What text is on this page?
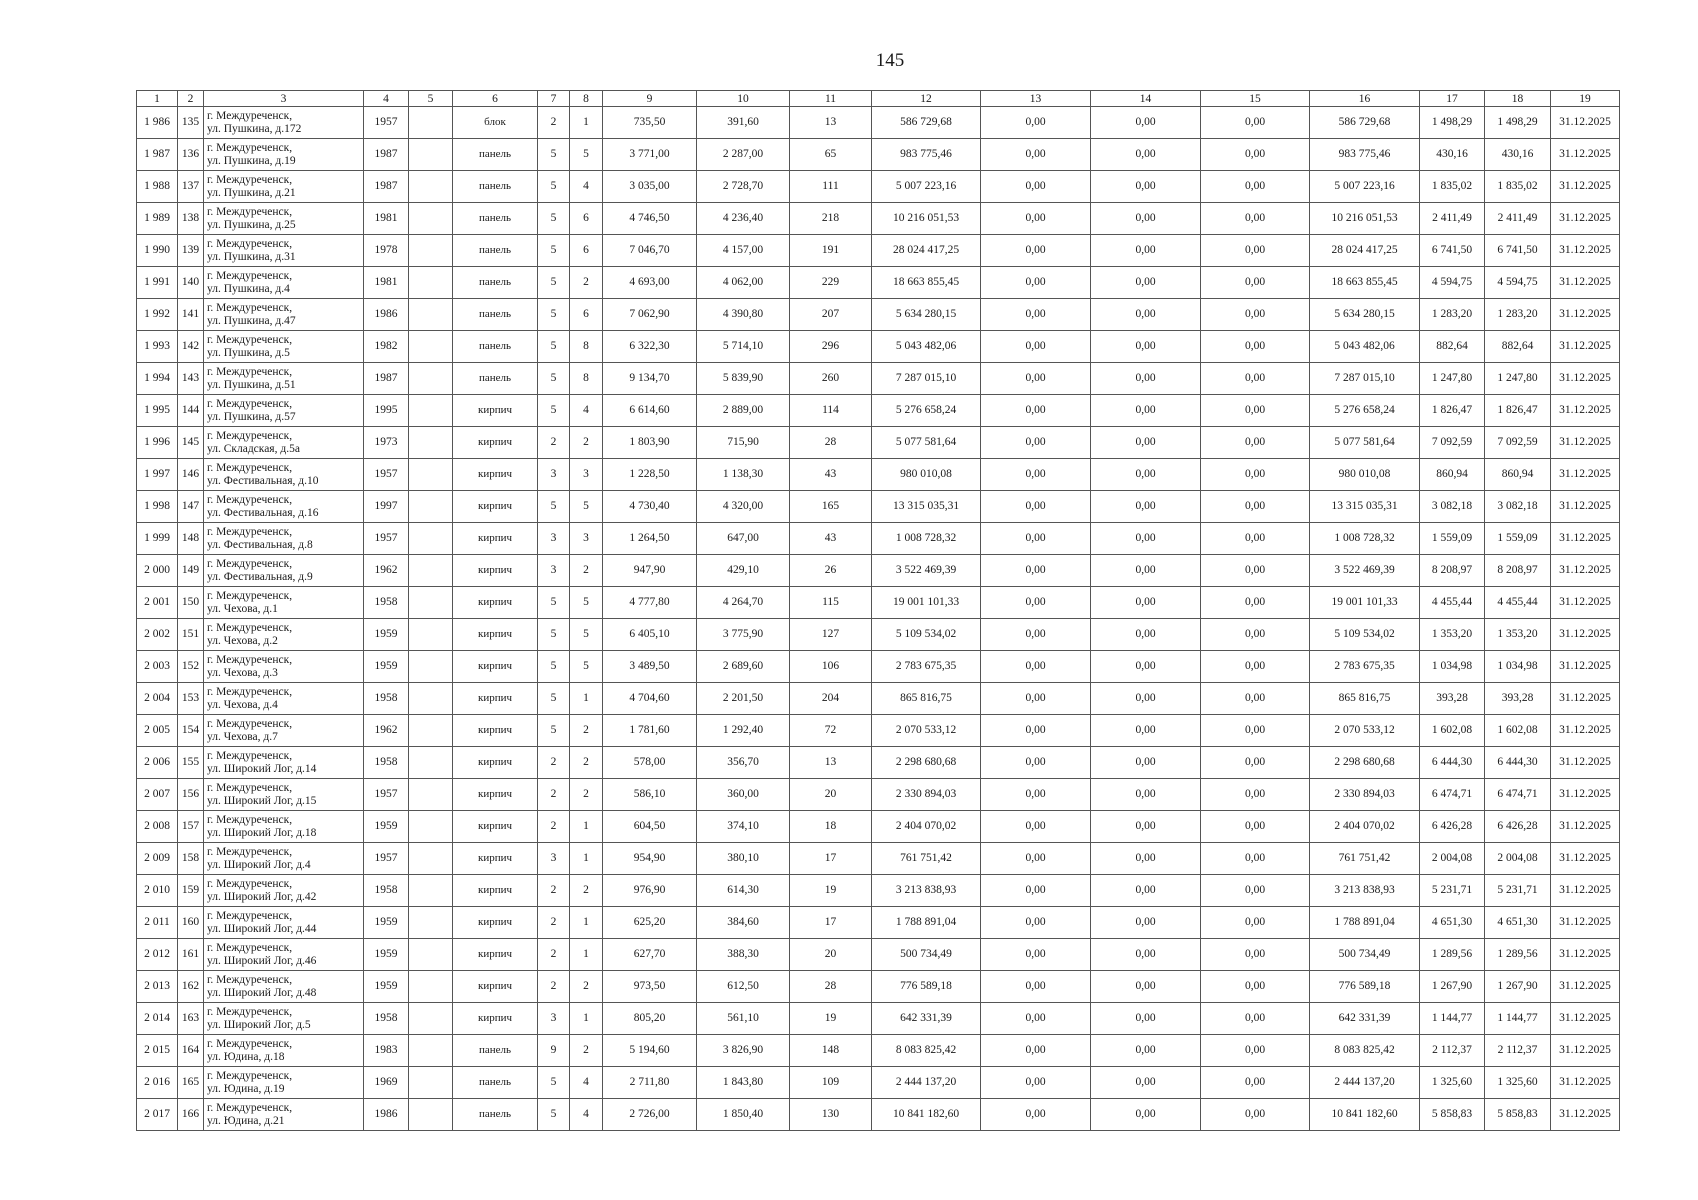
145
1	2	3	4	5	6	7	8	9	10	11	12	13	14	15	16	17	18	19
1 986	135	г. Междуреченск,
ул. Пушкина, д.172	1957		блок	2	1	735,50	391,60	13	586 729,68	0,00	0,00	0,00	586 729,68	1 498,29	1 498,29	31.12.2025
1 987	136	г. Междуреченск,
ул. Пушкина, д.19	1987		панель	5	5	3 771,00	2 287,00	65	983 775,46	0,00	0,00	0,00	983 775,46	430,16	430,16	31.12.2025
1 988	137	г. Междуреченск,
ул. Пушкина, д.21	1987		панель	5	4	3 035,00	2 728,70	111	5 007 223,16	0,00	0,00	0,00	5 007 223,16	1 835,02	1 835,02	31.12.2025
1 989	138	г. Междуреченск,
ул. Пушкина, д.25	1981		панель	5	6	4 746,50	4 236,40	218	10 216 051,53	0,00	0,00	0,00	10 216 051,53	2 411,49	2 411,49	31.12.2025
1 990	139	г. Междуреченск,
ул. Пушкина, д.31	1978		панель	5	6	7 046,70	4 157,00	191	28 024 417,25	0,00	0,00	0,00	28 024 417,25	6 741,50	6 741,50	31.12.2025
1 991	140	г. Междуреченск,
ул. Пушкина, д.4	1981		панель	5	2	4 693,00	4 062,00	229	18 663 855,45	0,00	0,00	0,00	18 663 855,45	4 594,75	4 594,75	31.12.2025
1 992	141	г. Междуреченск,
ул. Пушкина, д.47	1986		панель	5	6	7 062,90	4 390,80	207	5 634 280,15	0,00	0,00	0,00	5 634 280,15	1 283,20	1 283,20	31.12.2025
1 993	142	г. Междуреченск,
ул. Пушкина, д.5	1982		панель	5	8	6 322,30	5 714,10	296	5 043 482,06	0,00	0,00	0,00	5 043 482,06	882,64	882,64	31.12.2025
1 994	143	г. Междуреченск,
ул. Пушкина, д.51	1987		панель	5	8	9 134,70	5 839,90	260	7 287 015,10	0,00	0,00	0,00	7 287 015,10	1 247,80	1 247,80	31.12.2025
1 995	144	г. Междуреченск,
ул. Пушкина, д.57	1995		кирпич	5	4	6 614,60	2 889,00	114	5 276 658,24	0,00	0,00	0,00	5 276 658,24	1 826,47	1 826,47	31.12.2025
1 996	145	г. Междуреченск,
ул. Складская, д.5а	1973		кирпич	2	2	1 803,90	715,90	28	5 077 581,64	0,00	0,00	0,00	5 077 581,64	7 092,59	7 092,59	31.12.2025
1 997	146	г. Междуреченск,
ул. Фестивальная, д.10	1957		кирпич	3	3	1 228,50	1 138,30	43	980 010,08	0,00	0,00	0,00	980 010,08	860,94	860,94	31.12.2025
1 998	147	г. Междуреченск,
ул. Фестивальная, д.16	1997		кирпич	5	5	4 730,40	4 320,00	165	13 315 035,31	0,00	0,00	0,00	13 315 035,31	3 082,18	3 082,18	31.12.2025
1 999	148	г. Междуреченск,
ул. Фестивальная, д.8	1957		кирпич	3	3	1 264,50	647,00	43	1 008 728,32	0,00	0,00	0,00	1 008 728,32	1 559,09	1 559,09	31.12.2025
2 000	149	г. Междуреченск,
ул. Фестивальная, д.9	1962		кирпич	3	2	947,90	429,10	26	3 522 469,39	0,00	0,00	0,00	3 522 469,39	8 208,97	8 208,97	31.12.2025
2 001	150	г. Междуреченск,
ул. Чехова, д.1	1958		кирпич	5	5	4 777,80	4 264,70	115	19 001 101,33	0,00	0,00	0,00	19 001 101,33	4 455,44	4 455,44	31.12.2025
2 002	151	г. Междуреченск,
ул. Чехова, д.2	1959		кирпич	5	5	6 405,10	3 775,90	127	5 109 534,02	0,00	0,00	0,00	5 109 534,02	1 353,20	1 353,20	31.12.2025
2 003	152	г. Междуреченск,
ул. Чехова, д.3	1959		кирпич	5	5	3 489,50	2 689,60	106	2 783 675,35	0,00	0,00	0,00	2 783 675,35	1 034,98	1 034,98	31.12.2025
2 004	153	г. Междуреченск,
ул. Чехова, д.4	1958		кирпич	5	1	4 704,60	2 201,50	204	865 816,75	0,00	0,00	0,00	865 816,75	393,28	393,28	31.12.2025
2 005	154	г. Междуреченск,
ул. Чехова, д.7	1962		кирпич	5	2	1 781,60	1 292,40	72	2 070 533,12	0,00	0,00	0,00	2 070 533,12	1 602,08	1 602,08	31.12.2025
2 006	155	г. Междуреченск,
ул. Широкий Лог, д.14	1958		кирпич	2	2	578,00	356,70	13	2 298 680,68	0,00	0,00	0,00	2 298 680,68	6 444,30	6 444,30	31.12.2025
2 007	156	г. Междуреченск,
ул. Широкий Лог, д.15	1957		кирпич	2	2	586,10	360,00	20	2 330 894,03	0,00	0,00	0,00	2 330 894,03	6 474,71	6 474,71	31.12.2025
2 008	157	г. Междуреченск,
ул. Широкий Лог, д.18	1959		кирпич	2	1	604,50	374,10	18	2 404 070,02	0,00	0,00	0,00	2 404 070,02	6 426,28	6 426,28	31.12.2025
2 009	158	г. Междуреченск,
ул. Широкий Лог, д.4	1957		кирпич	3	1	954,90	380,10	17	761 751,42	0,00	0,00	0,00	761 751,42	2 004,08	2 004,08	31.12.2025
2 010	159	г. Междуреченск,
ул. Широкий Лог, д.42	1958		кирпич	2	2	976,90	614,30	19	3 213 838,93	0,00	0,00	0,00	3 213 838,93	5 231,71	5 231,71	31.12.2025
2 011	160	г. Междуреченск,
ул. Широкий Лог, д.44	1959		кирпич	2	1	625,20	384,60	17	1 788 891,04	0,00	0,00	0,00	1 788 891,04	4 651,30	4 651,30	31.12.2025
2 012	161	г. Междуреченск,
ул. Широкий Лог, д.46	1959		кирпич	2	1	627,70	388,30	20	500 734,49	0,00	0,00	0,00	500 734,49	1 289,56	1 289,56	31.12.2025
2 013	162	г. Междуреченск,
ул. Широкий Лог, д.48	1959		кирпич	2	2	973,50	612,50	28	776 589,18	0,00	0,00	0,00	776 589,18	1 267,90	1 267,90	31.12.2025
2 014	163	г. Междуреченск,
ул. Широкий Лог, д.5	1958		кирпич	3	1	805,20	561,10	19	642 331,39	0,00	0,00	0,00	642 331,39	1 144,77	1 144,77	31.12.2025
2 015	164	г. Междуреченск,
ул. Юдина, д.18	1983		панель	9	2	5 194,60	3 826,90	148	8 083 825,42	0,00	0,00	0,00	8 083 825,42	2 112,37	2 112,37	31.12.2025
2 016	165	г. Междуреченск,
ул. Юдина, д.19	1969		панель	5	4	2 711,80	1 843,80	109	2 444 137,20	0,00	0,00	0,00	2 444 137,20	1 325,60	1 325,60	31.12.2025
2 017	166	г. Междуреченск,
ул. Юдина, д.21	1986		панель	5	4	2 726,00	1 850,40	130	10 841 182,60	0,00	0,00	0,00	10 841 182,60	5 858,83	5 858,83	31.12.2025
